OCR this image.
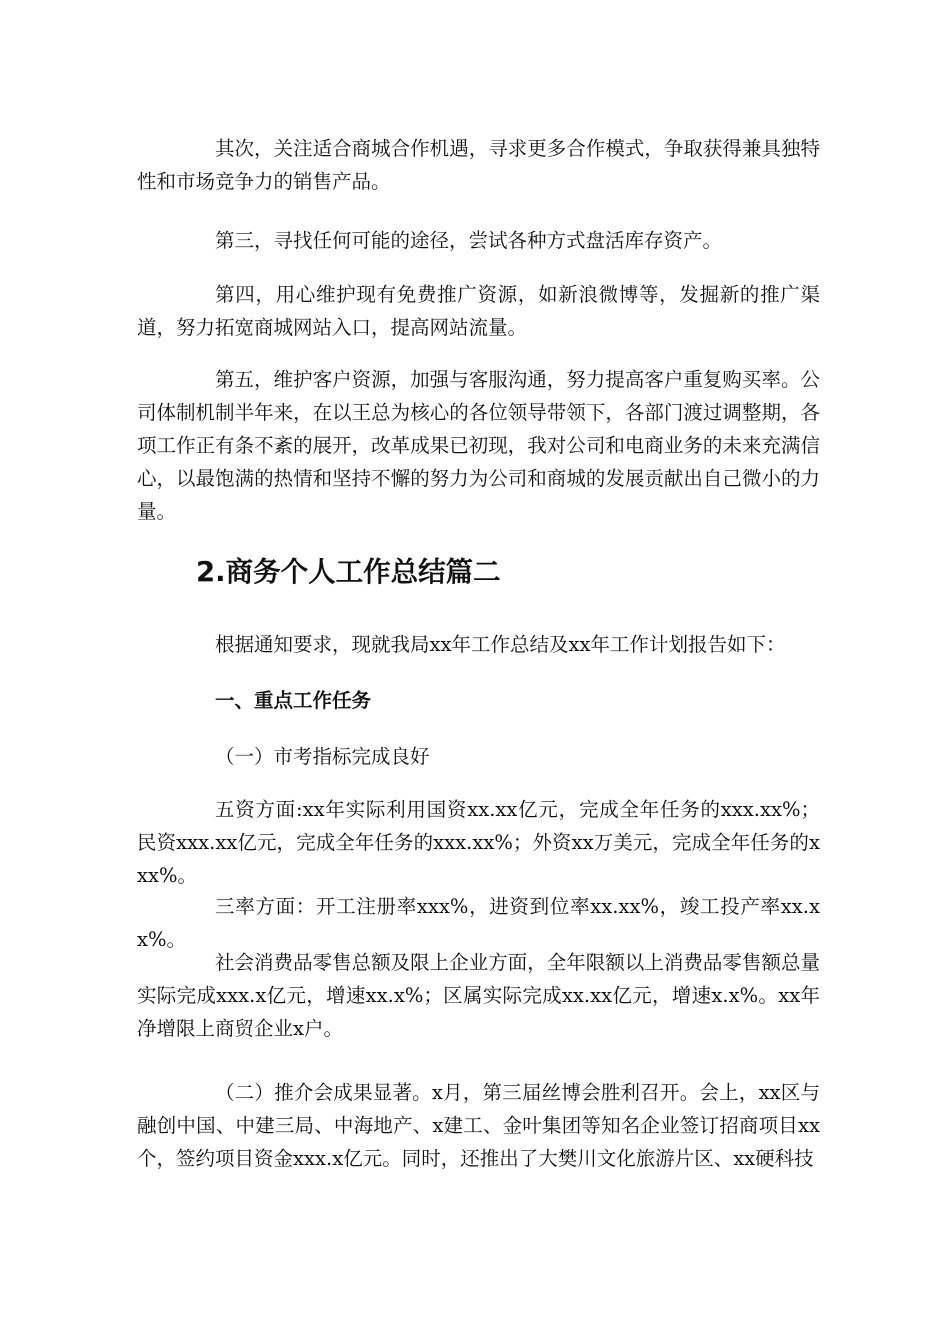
其次，关注适合商城合作机遇，寻求更多合作模式，争取获得兼具独特性和市场竞争力的销售产品。

第三，寻找任何可能的途径，尝试各种方式盘活库存资产。

第四，用心维护现有免费推广资源，如新浪微博等，发掘新的推广渠道，努力拓宽商城网站入口，提高网站流量。

第五，维护客户资源，加强与客服沟通，努力提高客户重复购买率。公司体制机制半年来，在以王总为核心的各位领导带领下，各部门渡过调整期，各项工作正有条不紊的展开，改革成果已初现，我对公司和电商业务的未来充满信心，以最饱满的热情和坚持不懈的努力为公司和商城的发展贡献出自己微小的力量。

2.商务个人工作总结篇二

根据通知要求，现就我局xx年工作总结及xx年工作计划报告如下：

一、重点工作任务

（一）市考指标完成良好

五资方面:xx年实际利用国资xx.xx亿元，完成全年任务的xxx.xx%；民资xxx.xx亿元，完成全年任务的xxx.xx%；外资xx万美元，完成全年任务的xxx%。

三率方面：开工注册率xxx%，进资到位率xx.xx%，竣工投产率xx.xx%。

社会消费品零售总额及限上企业方面，全年限额以上消费品零售额总量实际完成xxx.x亿元，增速xx.x%；区属实际完成xx.xx亿元，增速x.x%。xx年净增限上商贸企业x户。

（二）推介会成果显著。x月，第三届丝博会胜利召开。会上，xx区与融创中国、中建三局、中海地产、x建工、金叶集团等知名企业签订招商项目xx个，签约项目资金xxx.x亿元。同时，还推出了大樊川文化旅游片区、xx硬科技
